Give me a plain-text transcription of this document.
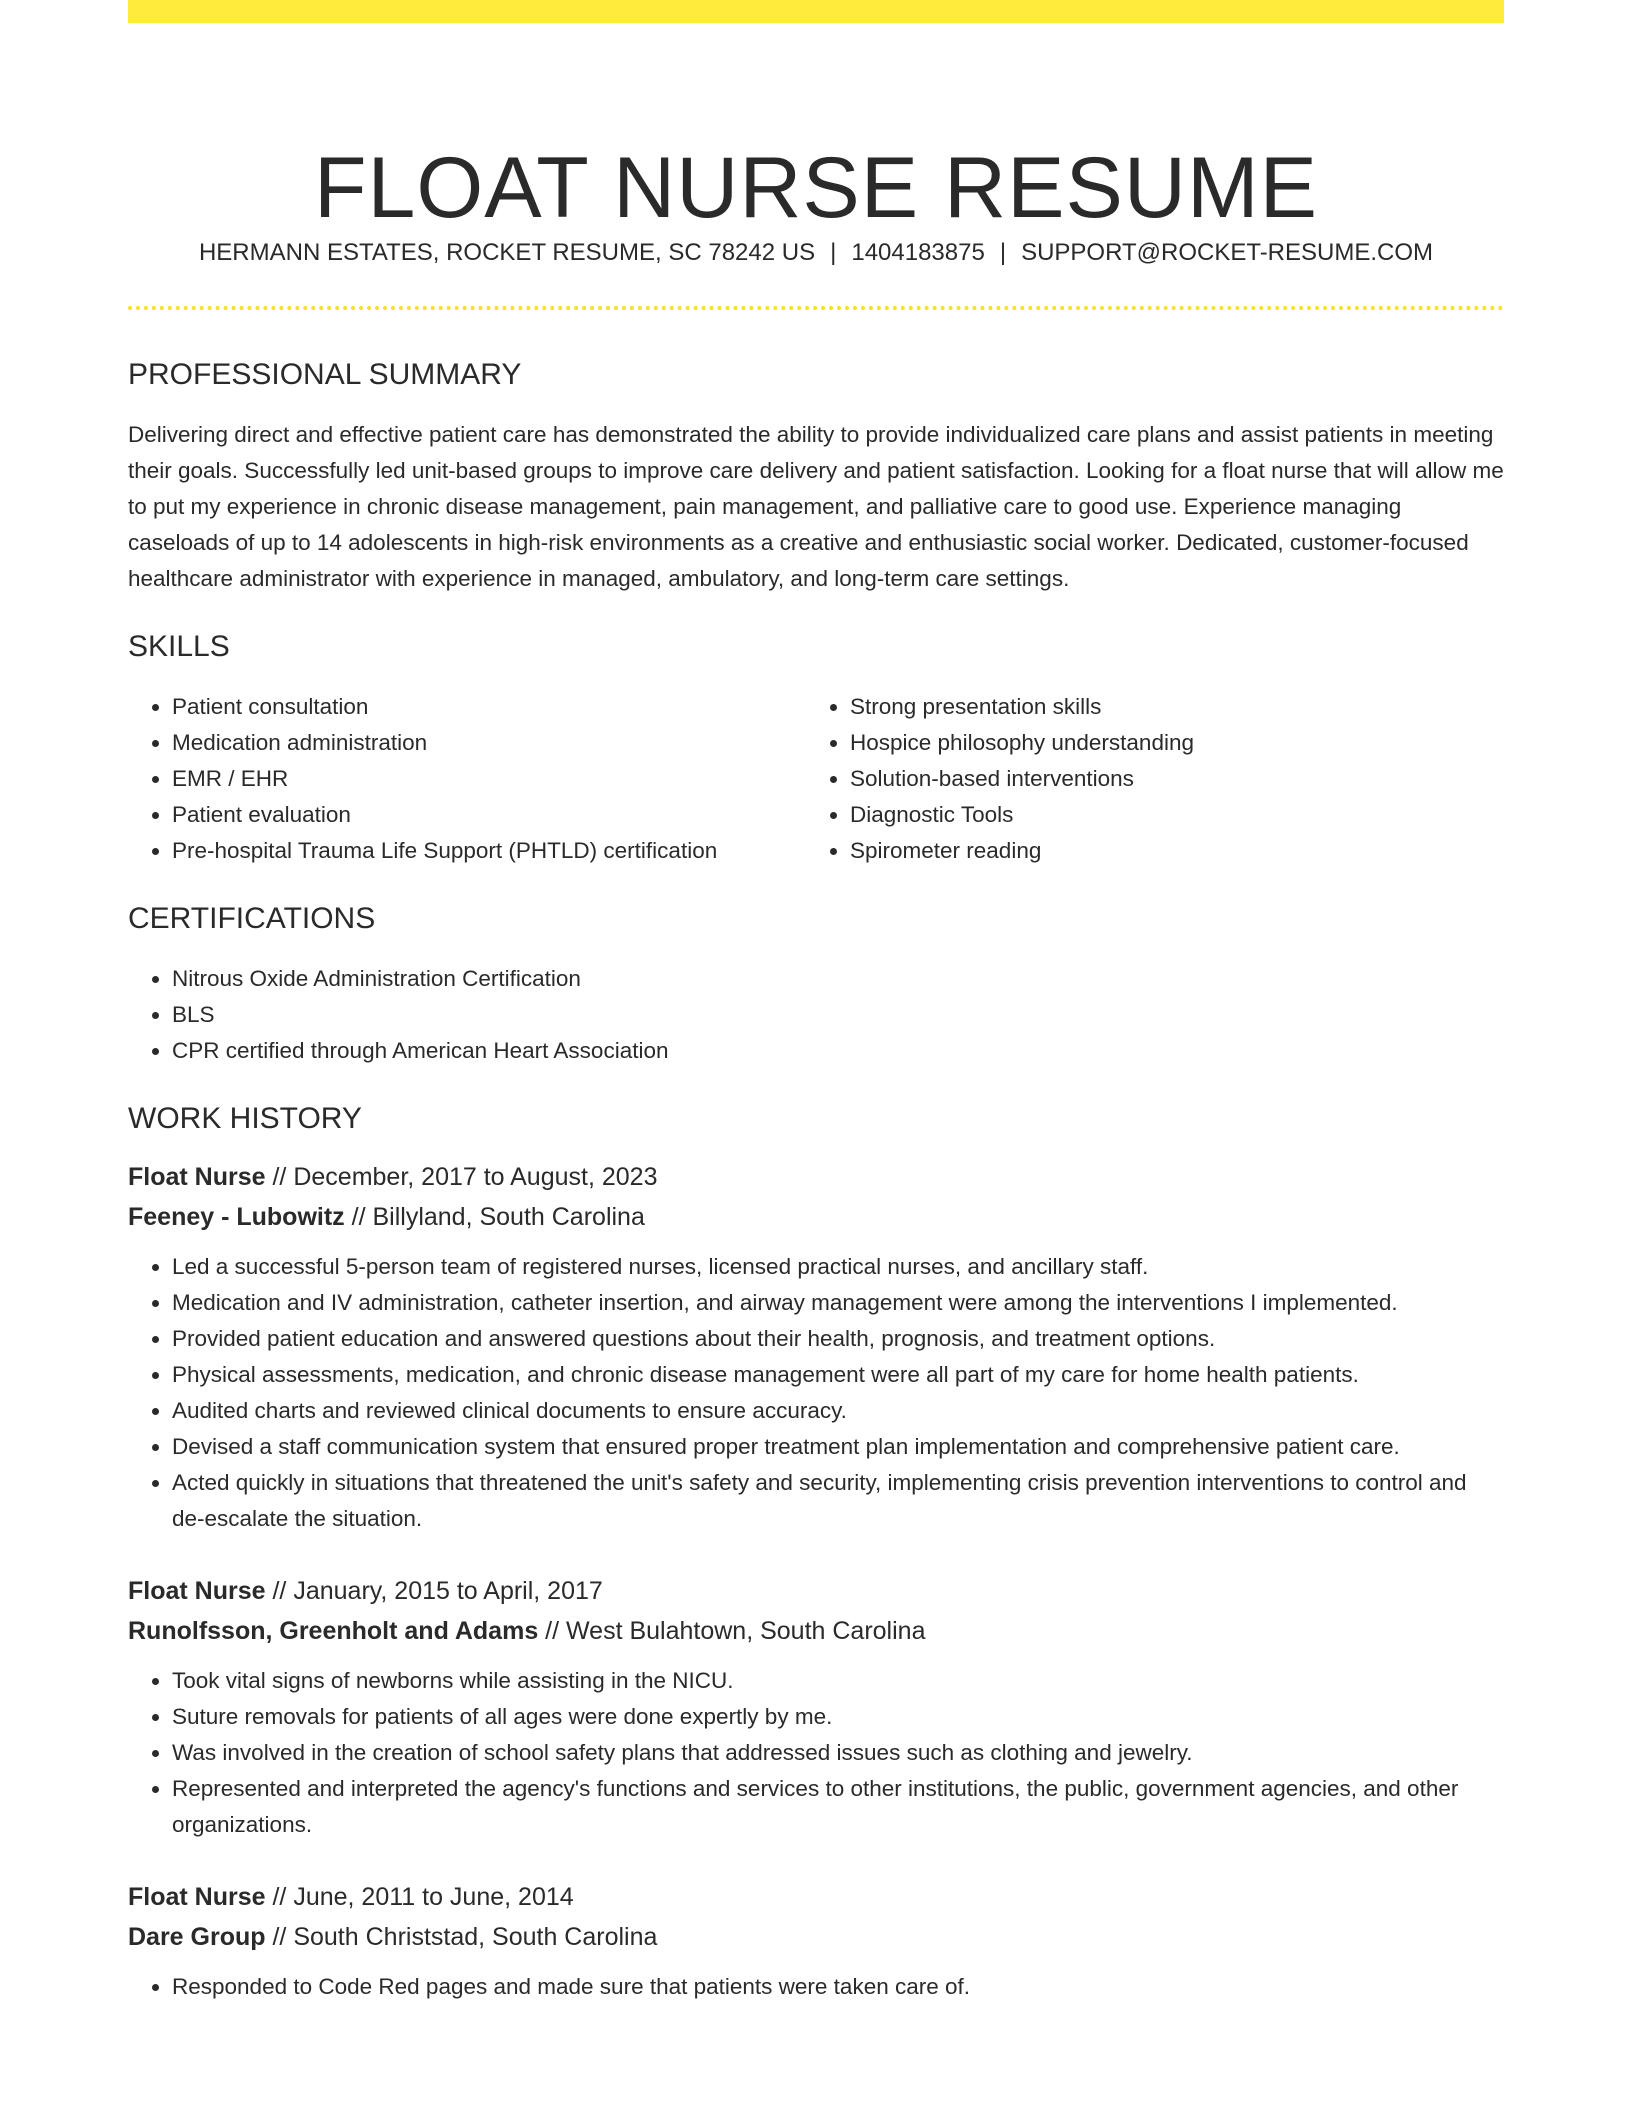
FLOAT NURSE RESUME
HERMANN ESTATES, ROCKET RESUME, SC 78242 US | 1404183875 | SUPPORT@ROCKET-RESUME.COM
PROFESSIONAL SUMMARY

Delivering direct and effective patient care has demonstrated the ability to provide individualized care plans and assist patients in meeting their goals. Successfully led unit-based groups to improve care delivery and patient satisfaction. Looking for a float nurse that will allow me to put my experience in chronic disease management, pain management, and palliative care to good use. Experience managing caseloads of up to 14 adolescents in high-risk environments as a creative and enthusiastic social worker. Dedicated, customer-focused healthcare administrator with experience in managed, ambulatory, and long-term care settings.

SKILLS
• Patient consultation
• Medication administration
• EMR / EHR
• Patient evaluation
• Pre-hospital Trauma Life Support (PHTLD) certification
• Strong presentation skills
• Hospice philosophy understanding
• Solution-based interventions
• Diagnostic Tools
• Spirometer reading
CERTIFICATIONS
• Nitrous Oxide Administration Certification
• BLS
• CPR certified through American Heart Association
WORK HISTORY
Float Nurse // December, 2017 to August, 2023
Feeney - Lubowitz // Billyland, South Carolina
• Led a successful 5-person team of registered nurses, licensed practical nurses, and ancillary staff.
• Medication and IV administration, catheter insertion, and airway management were among the interventions I implemented.
• Provided patient education and answered questions about their health, prognosis, and treatment options.
• Physical assessments, medication, and chronic disease management were all part of my care for home health patients.
• Audited charts and reviewed clinical documents to ensure accuracy.
• Devised a staff communication system that ensured proper treatment plan implementation and comprehensive patient care.
• Acted quickly in situations that threatened the unit's safety and security, implementing crisis prevention interventions to control and de-escalate the situation.
Float Nurse // January, 2015 to April, 2017
Runolfsson, Greenholt and Adams // West Bulahtown, South Carolina
• Took vital signs of newborns while assisting in the NICU.
• Suture removals for patients of all ages were done expertly by me.
• Was involved in the creation of school safety plans that addressed issues such as clothing and jewelry.
• Represented and interpreted the agency's functions and services to other institutions, the public, government agencies, and other organizations.
Float Nurse // June, 2011 to June, 2014
Dare Group // South Christstad, South Carolina
• Responded to Code Red pages and made sure that patients were taken care of.
